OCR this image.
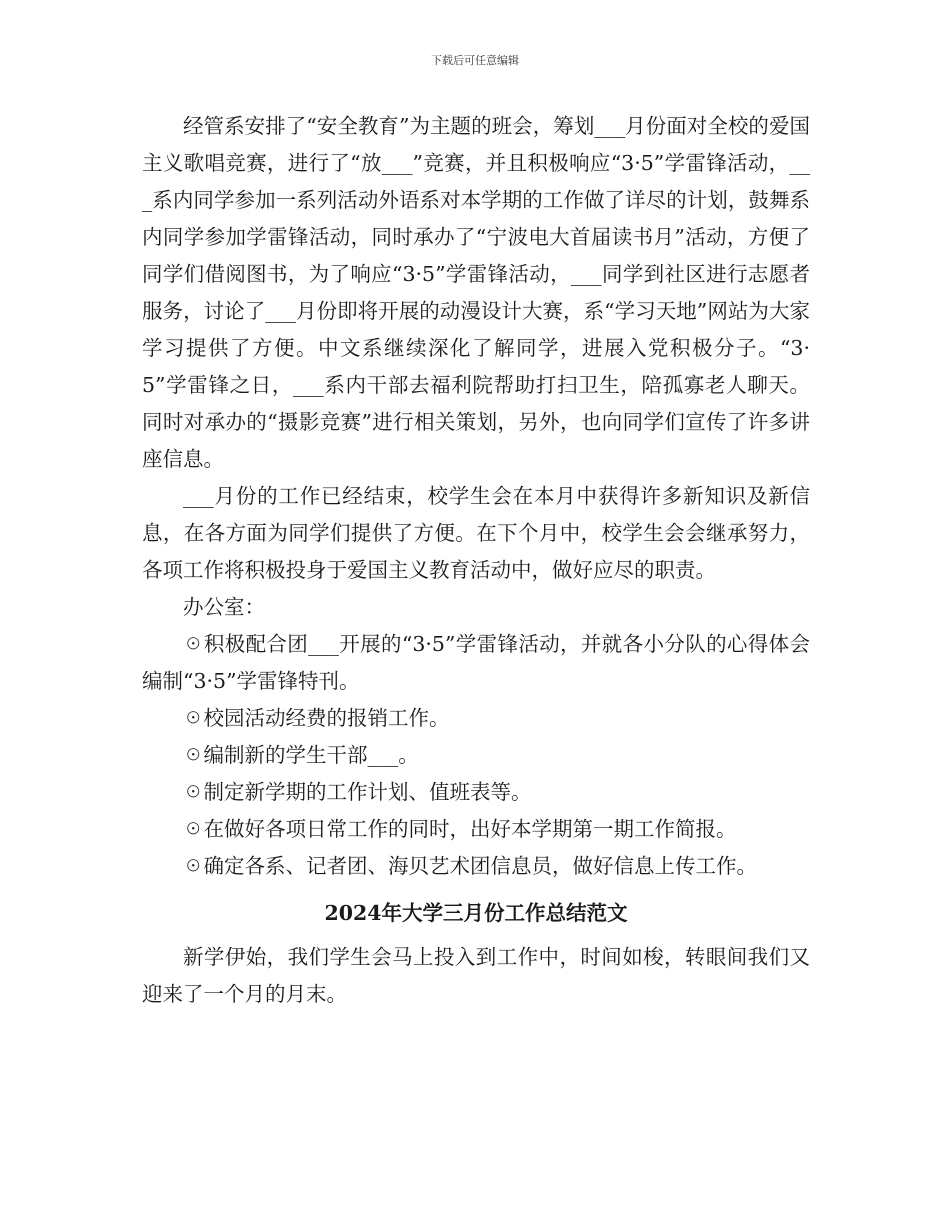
下载后可任意编辑

经管系安排了“安全教育”为主题的班会，筹划___月份面对全校的爱国主义歌唱竞赛，进行了“放___”竞赛，并且积极响应“3·5”学雷锋活动，___系内同学参加一系列活动外语系对本学期的工作做了详尽的计划，鼓舞系内同学参加学雷锋活动，同时承办了“宁波电大首届读书月”活动，方便了同学们借阅图书，为了响应“3·5”学雷锋活动，___同学到社区进行志愿者服务，讨论了___月份即将开展的动漫设计大赛，系“学习天地”网站为大家学习提供了方便。中文系继续深化了解同学，进展入党积极分子。“3·5”学雷锋之日，___系内干部去福利院帮助打扫卫生，陪孤寡老人聊天。同时对承办的“摄影竞赛”进行相关策划，另外，也向同学们宣传了许多讲座信息。

___月份的工作已经结束，校学生会在本月中获得许多新知识及新信息，在各方面为同学们提供了方便。在下个月中，校学生会会继承努力，各项工作将积极投身于爱国主义教育活动中，做好应尽的职责。

办公室：

☉积极配合团___开展的“3·5”学雷锋活动，并就各小分队的心得体会编制“3·5”学雷锋特刊。

☉校园活动经费的报销工作。

☉编制新的学生干部___。

☉制定新学期的工作计划、值班表等。

☉在做好各项日常工作的同时，出好本学期第一期工作简报。

☉确定各系、记者团、海贝艺术团信息员，做好信息上传工作。

2024年大学三月份工作总结范文

新学伊始，我们学生会马上投入到工作中，时间如梭，转眼间我们又迎来了一个月的月末。
